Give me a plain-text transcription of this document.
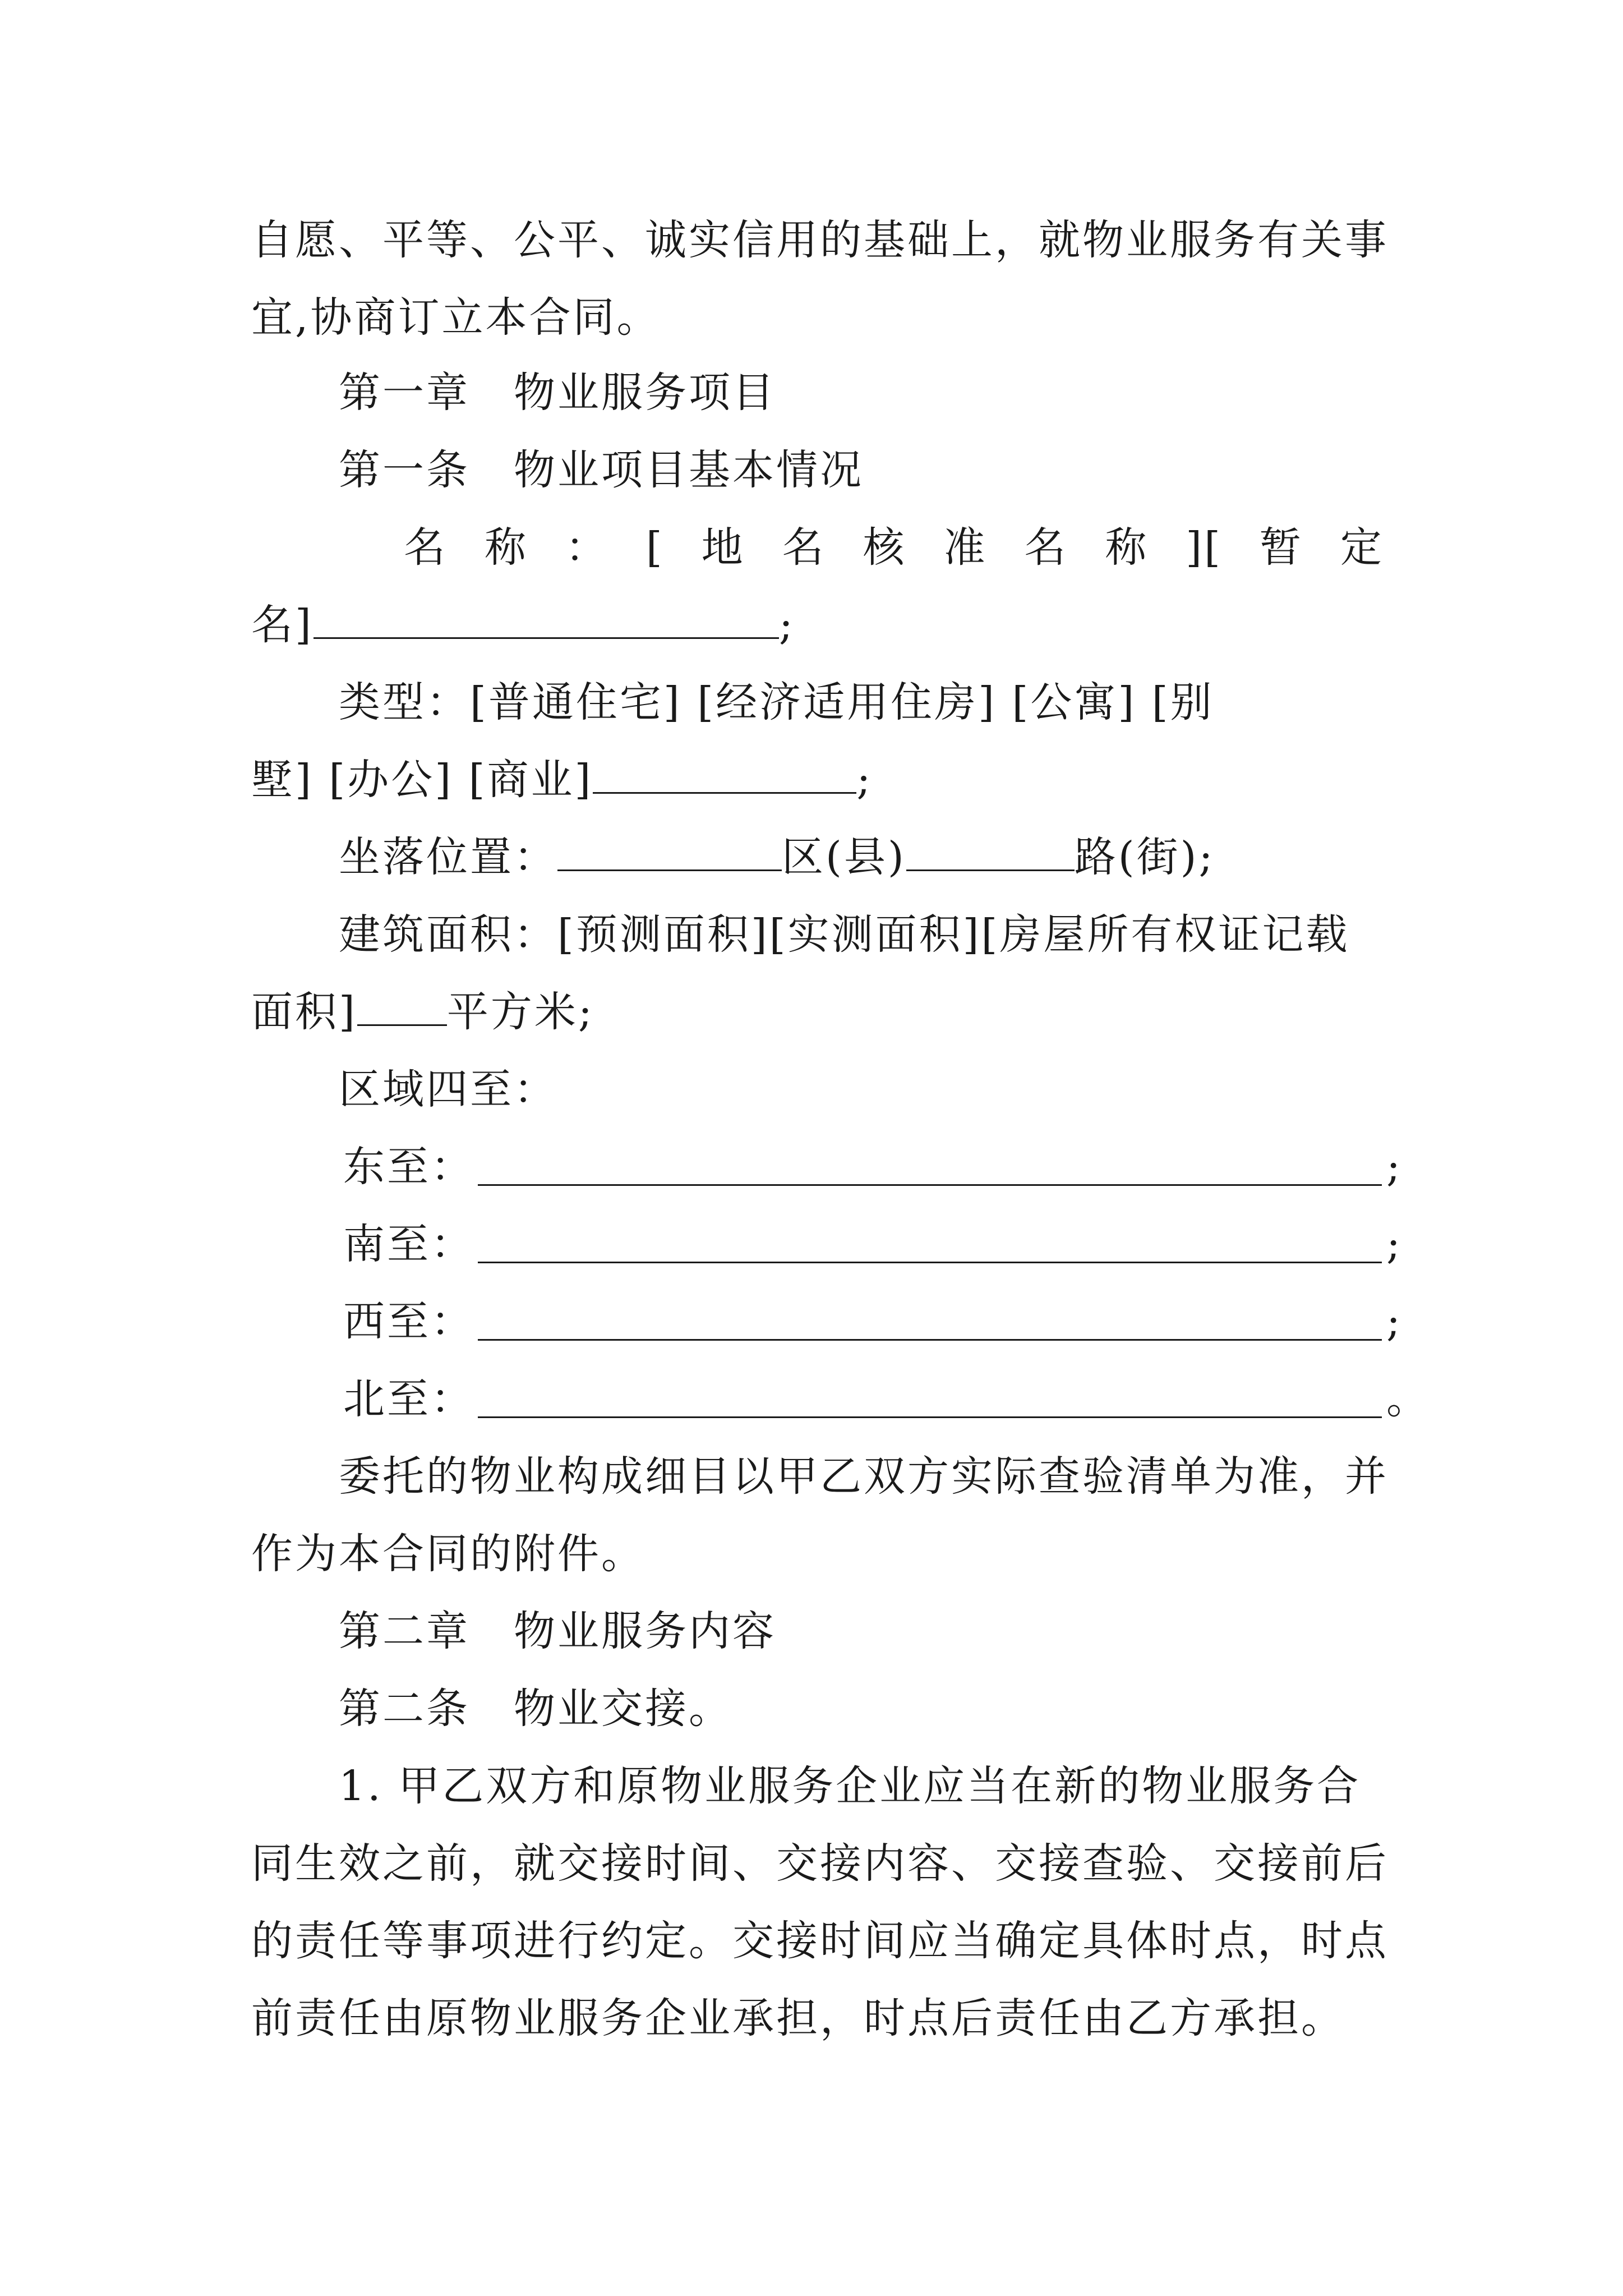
自愿、平等、公平、诚实信用的基础上，就物业服务有关事
宜,协商订立本合同。
第一章　物业服务项目
第一条　物业项目基本情况
名 称 ： [ 地 名 核 准 名 称 ][ 暂 定
名]	;
类型：[普通住宅] [经济适用住房] [公寓] [别
墅] [办公] [商业]	;
坐落位置：	区(县)	路(街);
建筑面积：[预测面积][实测面积][房屋所有权证记载
面积] 平方米;
区域四至：
东至：	;
南至：	;
西至：	;
北至：	。
委托的物业构成细目以甲乙双方实际查验清单为准，并
作为本合同的附件。
第二章　物业服务内容
第二条　物业交接。
1. 甲乙双方和原物业服务企业应当在新的物业服务合
同生效之前，就交接时间、交接内容、交接查验、交接前后
的责任等事项进行约定。交接时间应当确定具体时点，时点
前责任由原物业服务企业承担，时点后责任由乙方承担。
